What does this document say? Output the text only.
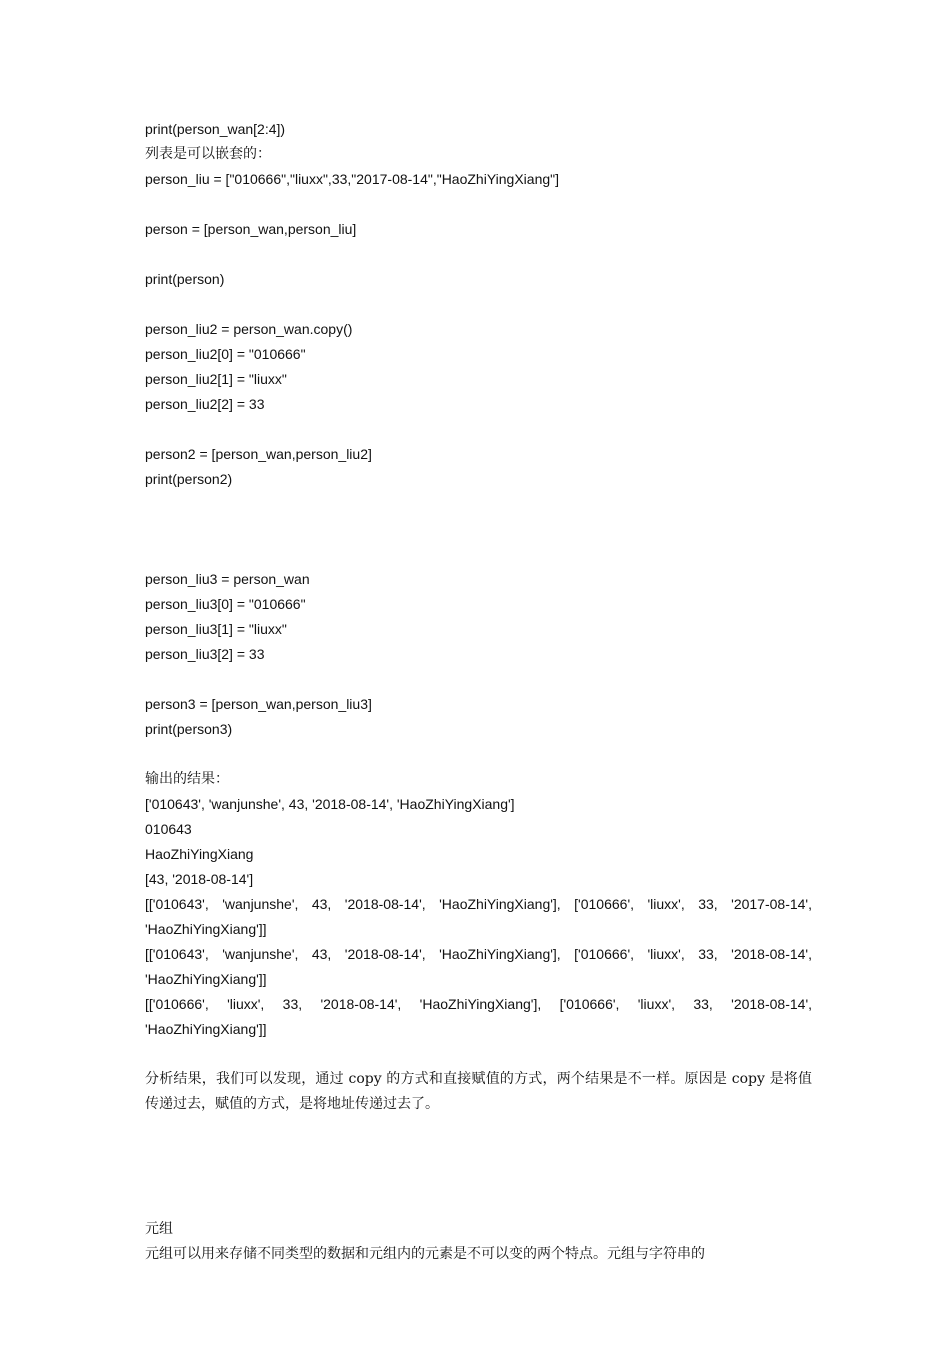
print(person_wan[2:4])
列表是可以嵌套的：
person_liu = ["010666","liuxx",33,"2017-08-14","HaoZhiYingXiang"]
person = [person_wan,person_liu]
print(person)
person_liu2 = person_wan.copy()
person_liu2[0] = "010666"
person_liu2[1] = "liuxx"
person_liu2[2] = 33
person2 = [person_wan,person_liu2]
print(person2)
person_liu3 = person_wan
person_liu3[0] = "010666"
person_liu3[1] = "liuxx"
person_liu3[2] = 33
person3 = [person_wan,person_liu3]
print(person3)
输出的结果：
['010643', 'wanjunshe', 43, '2018-08-14', 'HaoZhiYingXiang']
010643
HaoZhiYingXiang
[43, '2018-08-14']
[['010643', 'wanjunshe', 43, '2018-08-14', 'HaoZhiYingXiang'], ['010666', 'liuxx', 33, '2017-08-14', 'HaoZhiYingXiang']]
[['010643', 'wanjunshe', 43, '2018-08-14', 'HaoZhiYingXiang'], ['010666', 'liuxx', 33, '2018-08-14', 'HaoZhiYingXiang']]
[['010666', 'liuxx', 33, '2018-08-14', 'HaoZhiYingXiang'], ['010666', 'liuxx', 33, '2018-08-14', 'HaoZhiYingXiang']]
分析结果，我们可以发现，通过 copy 的方式和直接赋值的方式，两个结果是不一样。原因是 copy 是将值传递过去，赋值的方式，是将地址传递过去了。
元组
元组可以用来存储不同类型的数据和元组内的元素是不可以变的两个特点。元组与字符串的
